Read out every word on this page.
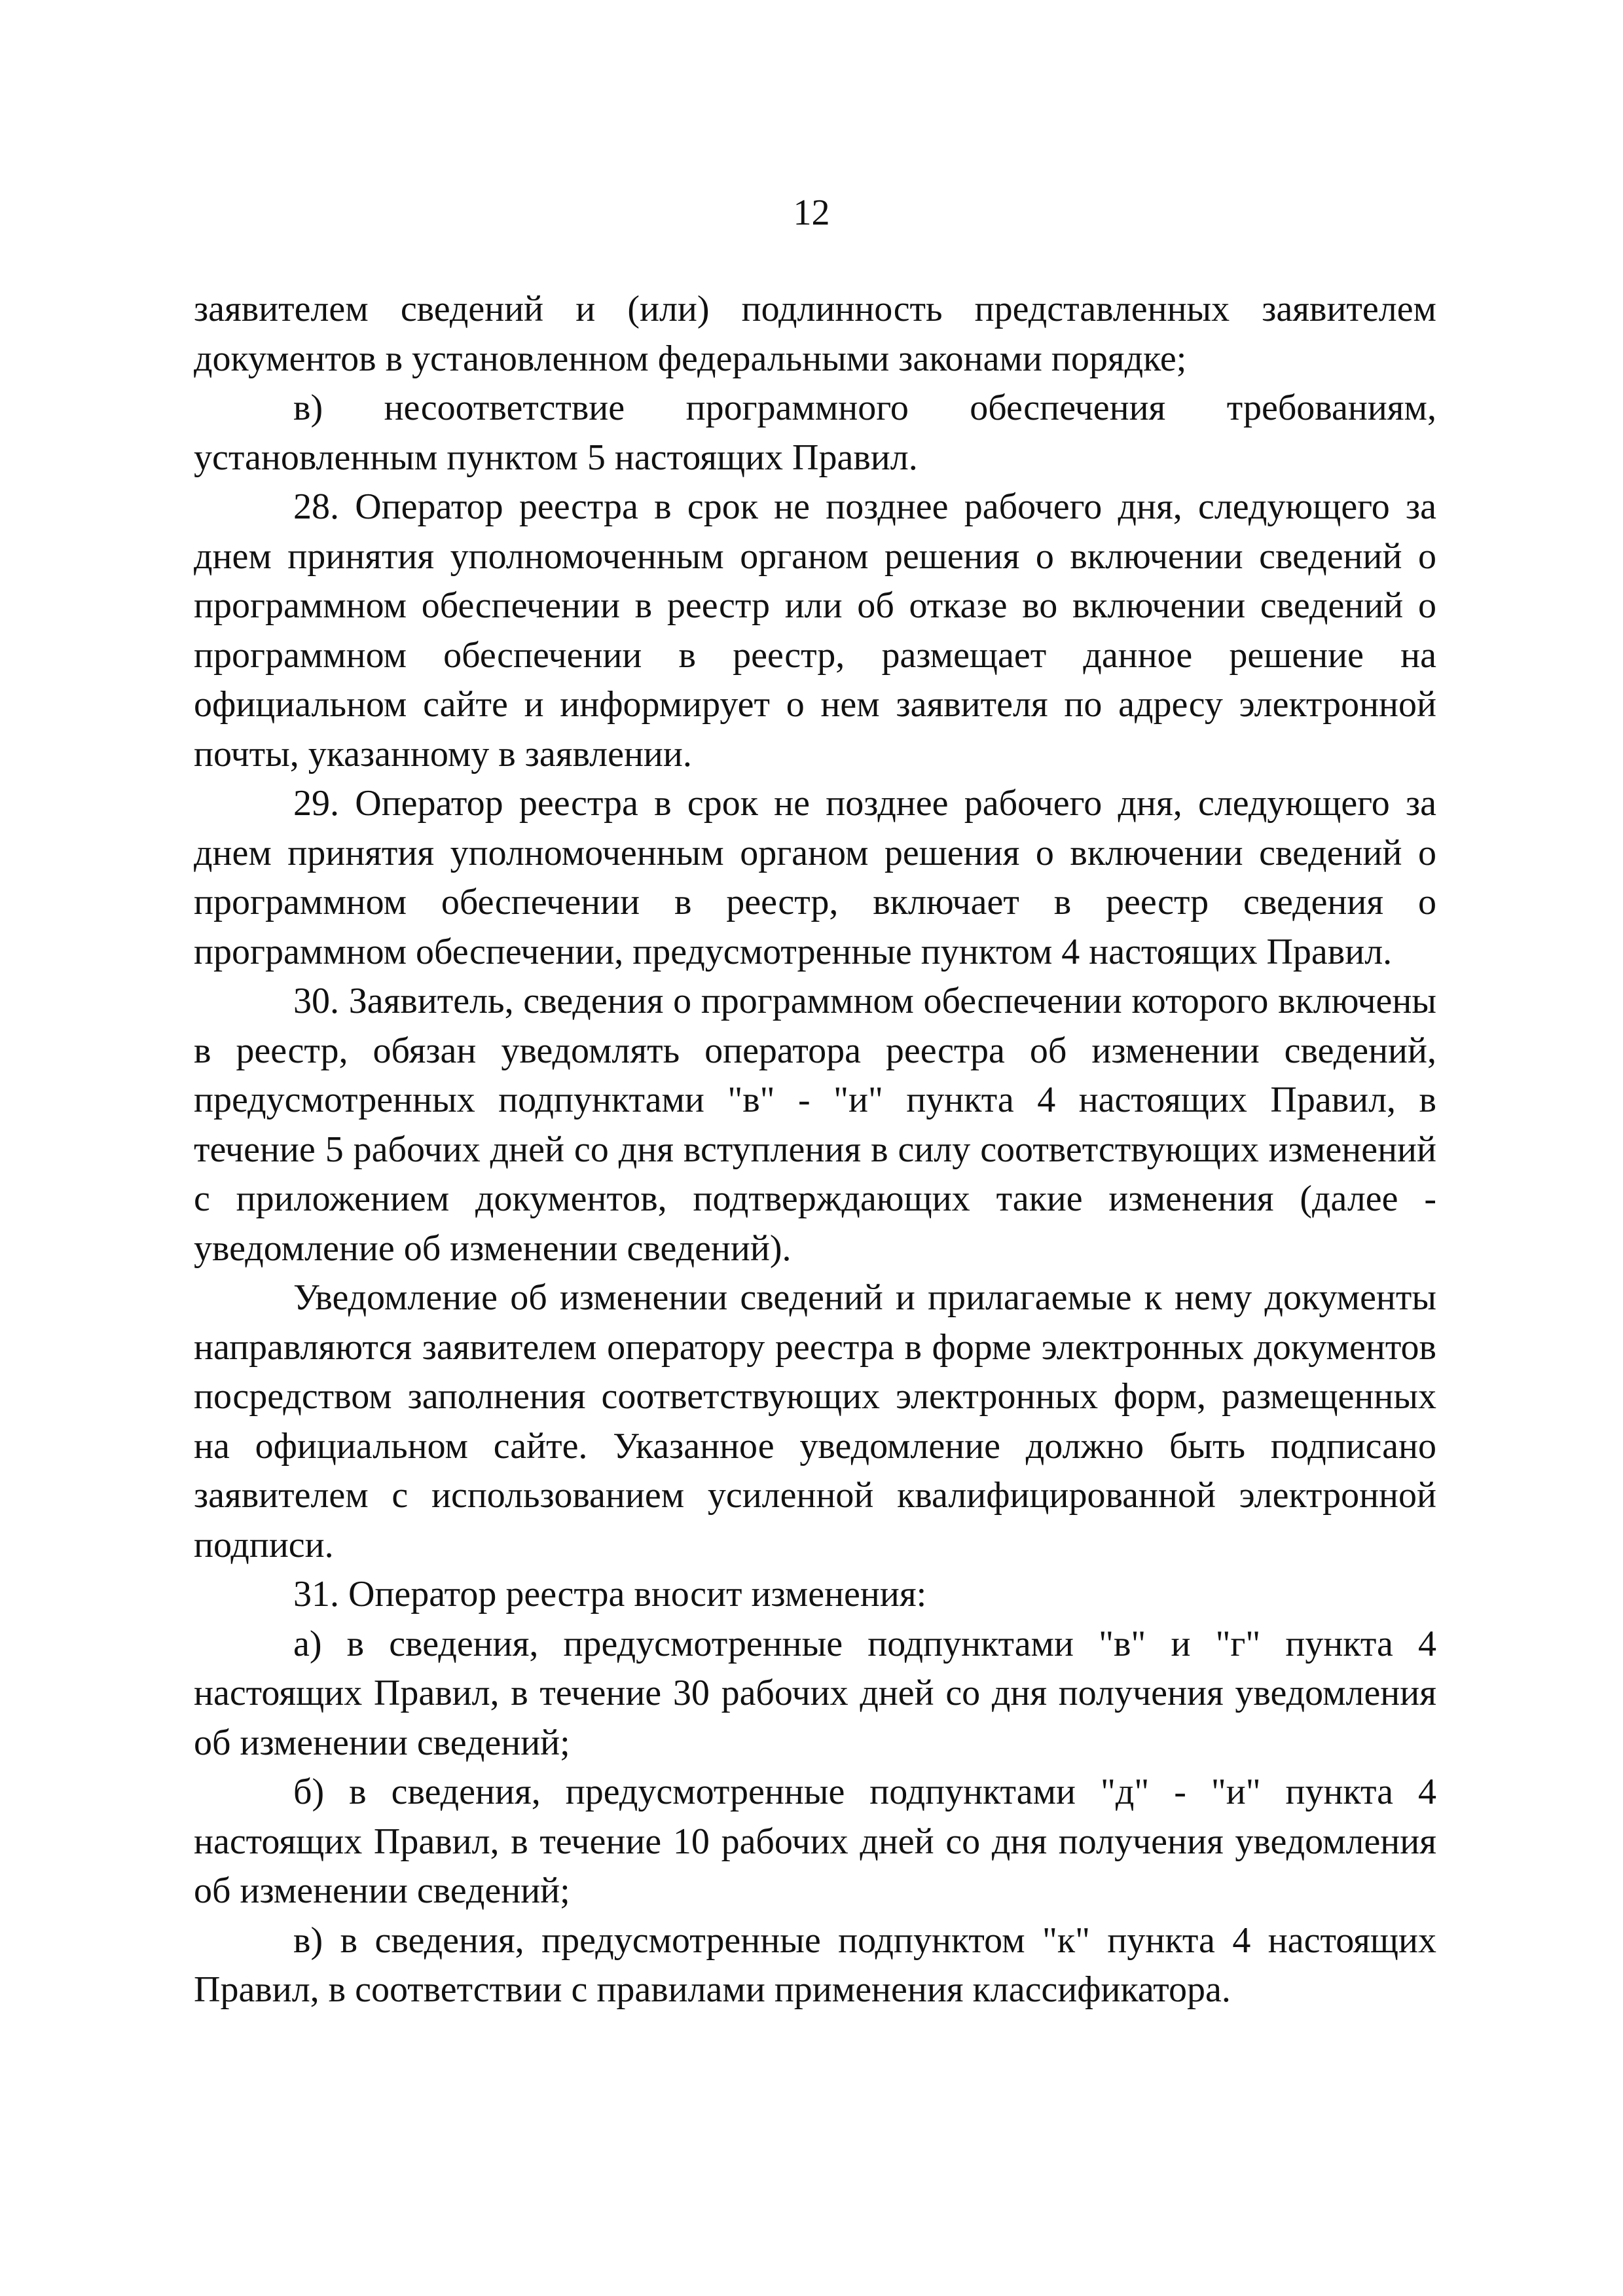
12

заявителем сведений и (или) подлинность представленных заявителем документов в установленном федеральными законами порядке;

в) несоответствие программного обеспечения требованиям, установленным пунктом 5 настоящих Правил.

28. Оператор реестра в срок не позднее рабочего дня, следующего за днем принятия уполномоченным органом решения о включении сведений о программном обеспечении в реестр или об отказе во включении сведений о программном обеспечении в реестр, размещает данное решение на официальном сайте и информирует о нем заявителя по адресу электронной почты, указанному в заявлении.

29. Оператор реестра в срок не позднее рабочего дня, следующего за днем принятия уполномоченным органом решения о включении сведений о программном обеспечении в реестр, включает в реестр сведения о программном обеспечении, предусмотренные пунктом 4 настоящих Правил.

30. Заявитель, сведения о программном обеспечении которого включены в реестр, обязан уведомлять оператора реестра об изменении сведений, предусмотренных подпунктами "в" - "и" пункта 4 настоящих Правил, в течение 5 рабочих дней со дня вступления в силу соответствующих изменений с приложением документов, подтверждающих такие изменения (далее - уведомление об изменении сведений).

Уведомление об изменении сведений и прилагаемые к нему документы направляются заявителем оператору реестра в форме электронных документов посредством заполнения соответствующих электронных форм, размещенных на официальном сайте. Указанное уведомление должно быть подписано заявителем с использованием усиленной квалифицированной электронной подписи.

31. Оператор реестра вносит изменения:

а) в сведения, предусмотренные подпунктами "в" и "г" пункта 4 настоящих Правил, в течение 30 рабочих дней со дня получения уведомления об изменении сведений;

б) в сведения, предусмотренные подпунктами "д" - "и" пункта 4 настоящих Правил, в течение 10 рабочих дней со дня получения уведомления об изменении сведений;

в) в сведения, предусмотренные подпунктом "к" пункта 4 настоящих Правил, в соответствии с правилами применения классификатора.
